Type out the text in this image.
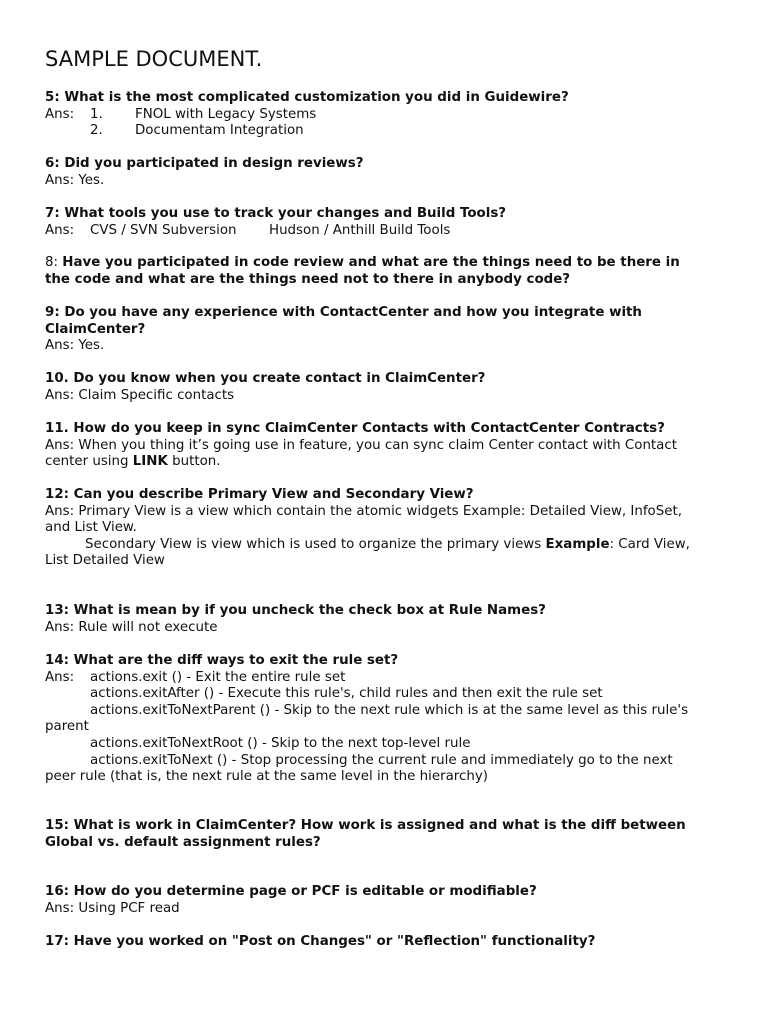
SAMPLE DOCUMENT.
5: What is the most complicated customization you did in Guidewire?
Ans: 1. FNOL with Legacy Systems
2. Documentam Integration
6: Did you participated in design reviews?
Ans: Yes.
7: What tools you use to track your changes and Build Tools?
Ans: CVS / SVN Subversion Hudson / Anthill Build Tools
8: Have you participated in code review and what are the things need to be there in
the code and what are the things need not to there in anybody code?
9: Do you have any experience with ContactCenter and how you integrate with
ClaimCenter?
Ans: Yes.
10. Do you know when you create contact in ClaimCenter?
Ans: Claim Specific contacts
11. How do you keep in sync ClaimCenter Contacts with ContactCenter Contracts?
Ans: When you thing it’s going use in feature, you can sync claim Center contact with Contact
center using LINK button.
12: Can you describe Primary View and Secondary View?
Ans: Primary View is a view which contain the atomic widgets Example: Detailed View, InfoSet,
and List View.
Secondary View is view which is used to organize the primary views Example: Card View,
List Detailed View
13: What is mean by if you uncheck the check box at Rule Names?
Ans: Rule will not execute
14: What are the diff ways to exit the rule set?
Ans: actions.exit () - Exit the entire rule set
actions.exitAfter () - Execute this rule's, child rules and then exit the rule set
actions.exitToNextParent () - Skip to the next rule which is at the same level as this rule's
parent
actions.exitToNextRoot () - Skip to the next top-level rule
actions.exitToNext () - Stop processing the current rule and immediately go to the next
peer rule (that is, the next rule at the same level in the hierarchy)
15: What is work in ClaimCenter? How work is assigned and what is the diff between
Global vs. default assignment rules?
16: How do you determine page or PCF is editable or modifiable?
Ans: Using PCF read
17: Have you worked on "Post on Changes" or "Reflection" functionality?
